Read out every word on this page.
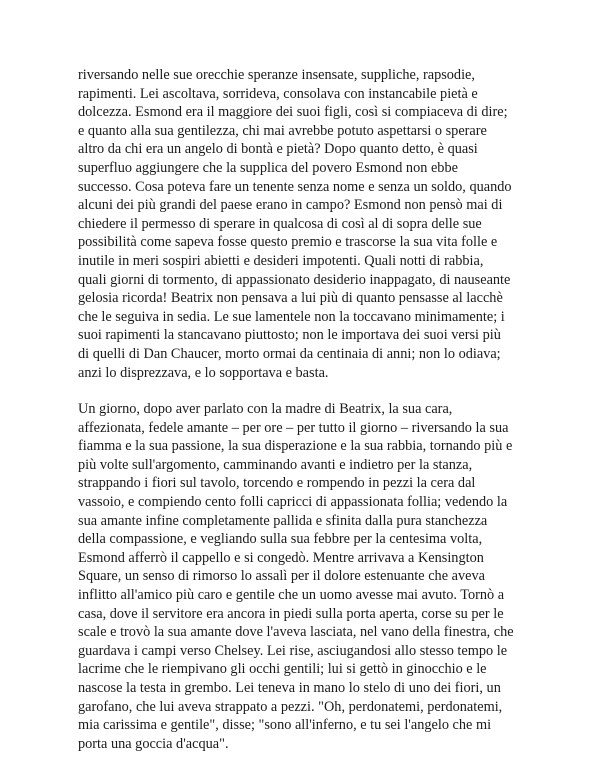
riversando nelle sue orecchie speranze insensate, suppliche, rapsodie,
rapimenti. Lei ascoltava, sorrideva, consolava con instancabile pietà e
dolcezza. Esmond era il maggiore dei suoi figli, così si compiaceva di dire;
e quanto alla sua gentilezza, chi mai avrebbe potuto aspettarsi o sperare
altro da chi era un angelo di bontà e pietà? Dopo quanto detto, è quasi
superfluo aggiungere che la supplica del povero Esmond non ebbe
successo. Cosa poteva fare un tenente senza nome e senza un soldo, quando
alcuni dei più grandi del paese erano in campo? Esmond non pensò mai di
chiedere il permesso di sperare in qualcosa di così al di sopra delle sue
possibilità come sapeva fosse questo premio e trascorse la sua vita folle e
inutile in meri sospiri abietti e desideri impotenti. Quali notti di rabbia,
quali giorni di tormento, di appassionato desiderio inappagato, di nauseante
gelosia ricorda! Beatrix non pensava a lui più di quanto pensasse al lacchè
che le seguiva in sedia. Le sue lamentele non la toccavano minimamente; i
suoi rapimenti la stancavano piuttosto; non le importava dei suoi versi più
di quelli di Dan Chaucer, morto ormai da centinaia di anni; non lo odiava;
anzi lo disprezzava, e lo sopportava e basta.

Un giorno, dopo aver parlato con la madre di Beatrix, la sua cara,
affezionata, fedele amante – per ore – per tutto il giorno – riversando la sua
fiamma e la sua passione, la sua disperazione e la sua rabbia, tornando più e
più volte sull'argomento, camminando avanti e indietro per la stanza,
strappando i fiori sul tavolo, torcendo e rompendo in pezzi la cera dal
vassoio, e compiendo cento folli capricci di appassionata follia; vedendo la
sua amante infine completamente pallida e sfinita dalla pura stanchezza
della compassione, e vegliando sulla sua febbre per la centesima volta,
Esmond afferrò il cappello e si congedò. Mentre arrivava a Kensington
Square, un senso di rimorso lo assalì per il dolore estenuante che aveva
inflitto all'amico più caro e gentile che un uomo avesse mai avuto. Tornò a
casa, dove il servitore era ancora in piedi sulla porta aperta, corse su per le
scale e trovò la sua amante dove l'aveva lasciata, nel vano della finestra, che
guardava i campi verso Chelsey. Lei rise, asciugandosi allo stesso tempo le
lacrime che le riempivano gli occhi gentili; lui si gettò in ginocchio e le
nascose la testa in grembo. Lei teneva in mano lo stelo di uno dei fiori, un
garofano, che lui aveva strappato a pezzi. "Oh, perdonatemi, perdonatemi,
mia carissima e gentile", disse; "sono all'inferno, e tu sei l'angelo che mi
porta una goccia d'acqua".
